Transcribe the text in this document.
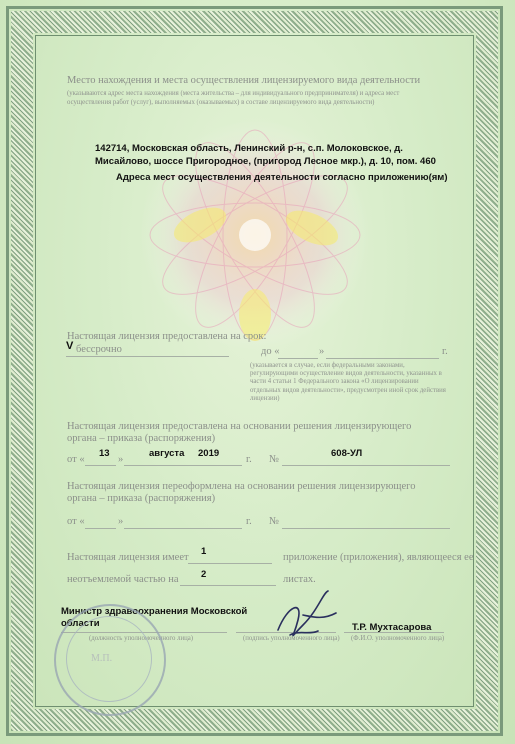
Место нахождения и места осуществления лицензируемого вида деятельности
(указываются адрес места нахождения (места жительства – для индивидуального предпринимателя) и адреса мест
осуществления работ (услуг), выполняемых (оказываемых) в составе лицензируемого вида деятельности)
142714, Московская область, Ленинский р-н, с.п. Молоковское, д.
Мисайлово, шоссе Пригородное, (пригород Лесное мкр.), д. 10, пом. 460
Адреса мест осуществления деятельности согласно приложению(ям)
Настоящая лицензия предоставлена на срок:
V бессрочно	до «	»	г.
(указывается в случае, если федеральными законами, регулирующими осуществление видов деятельности, указанных в части 4 статьи 1 Федерального закона «О лицензировании отдельных видов деятельности», предусмотрен иной срок действия лицензии)
Настоящая лицензия предоставлена на основании решения лицензирующего
органа – приказа (распоряжения)
от «
13
»
августа 2019
г. №
608-УЛ
Настоящая лицензия переоформлена на основании решения лицензирующего
органа – приказа (распоряжения)
от «	»	г. №
Настоящая лицензия имеет
1
приложение (приложения), являющееся ее
неотъемлемой частью на 2	листах.
Министр здравоохранения Московской
области
(должность уполномоченного лица)	(подпись уполномоченного лица)
Т.Р. Мухтасарова
(Ф.И.О. уполномоченного лица)
М.П.
